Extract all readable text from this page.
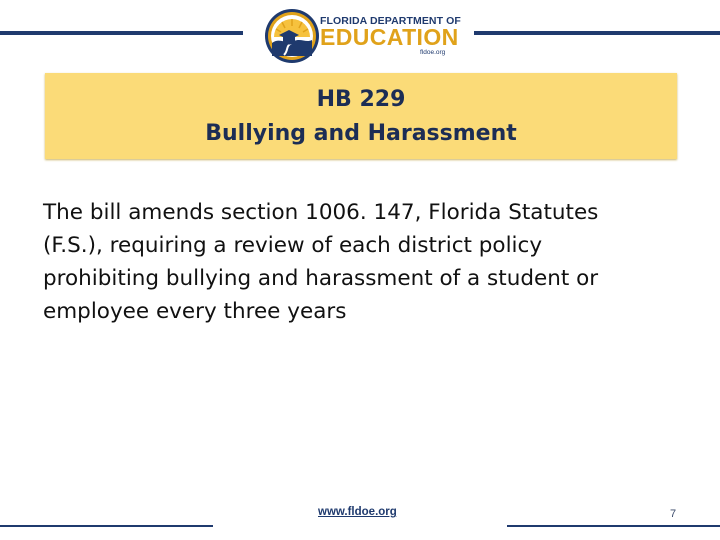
FLORIDA DEPARTMENT OF
EDUCATION
fldoe.org
HB 229
Bullying and Harassment
The bill amends section 1006. 147, Florida Statutes (F.S.), requiring a review of each district policy prohibiting bullying and harassment of a student or employee every three years
www.fldoe.org	7
